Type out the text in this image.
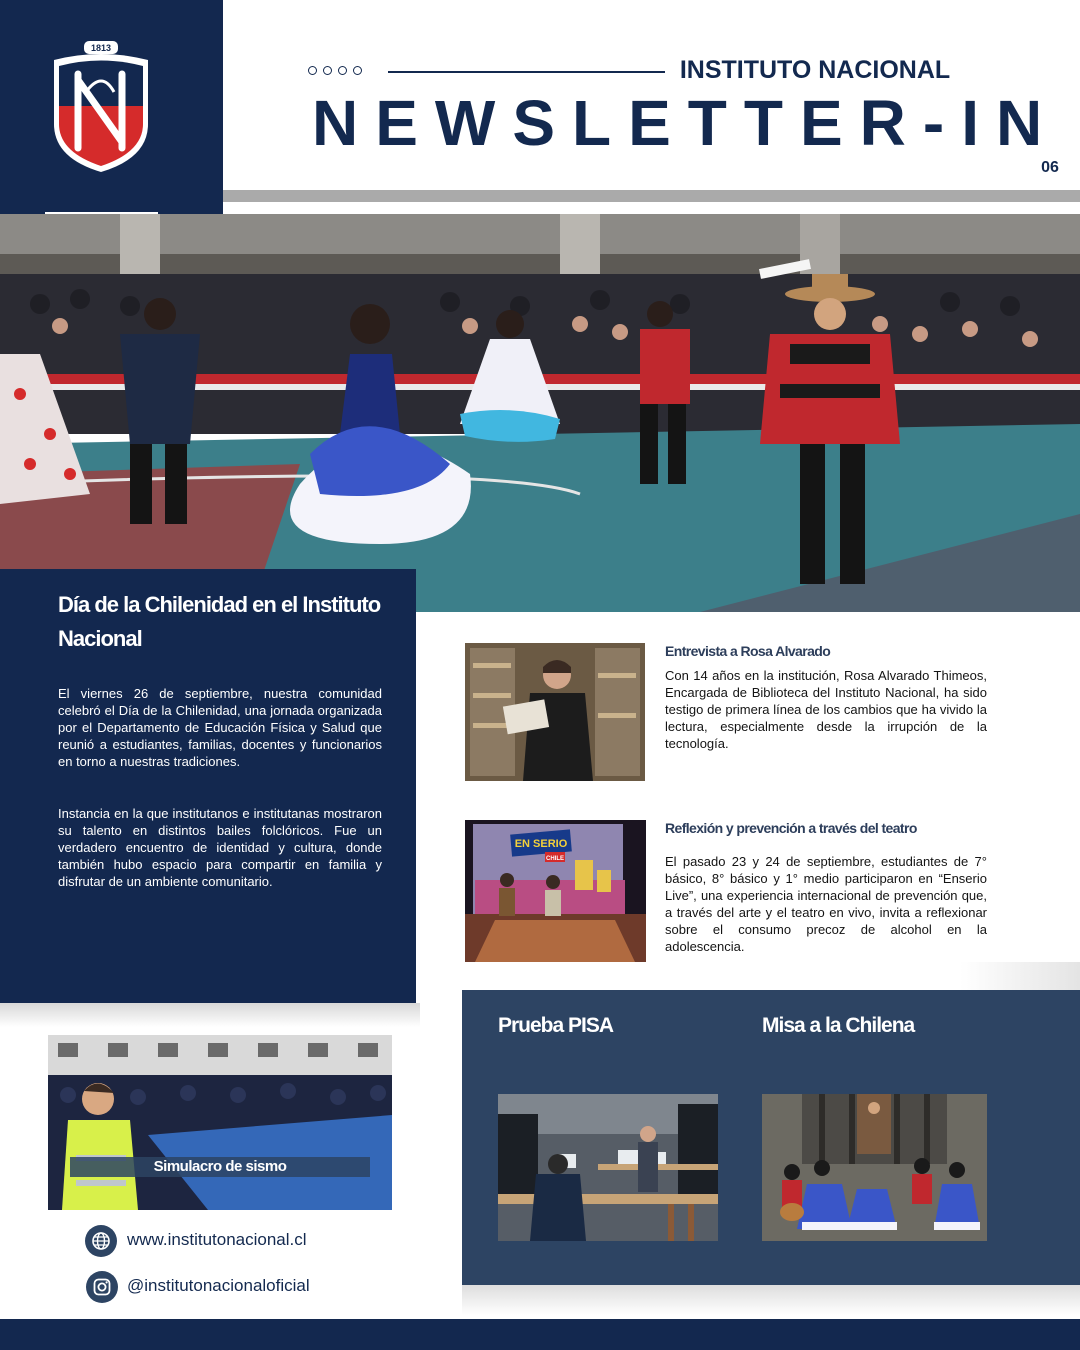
1813
INSTITUTO NACIONAL
NEWSLETTER-IN
06
Día de la Chilenidad en el Instituto Nacional
El viernes 26 de septiembre, nuestra comunidad celebró el Día de la Chilenidad, una jornada organizada por el Departamento de Educación Física y Salud que reunió a estudiantes, familias, docentes y funcionarios en torno a nuestras tradiciones.
Instancia en la que institutanos e institutanas mostraron su talento en distintos bailes folclóricos. Fue un verdadero encuentro de identidad y cultura, donde también hubo espacio para compartir en familia y disfrutar de un ambiente comunitario.
Entrevista a Rosa Alvarado
Con 14 años en la institución, Rosa Alvarado Thimeos, Encargada de Biblioteca del Instituto Nacional, ha sido testigo de primera línea de los cambios que ha vivido la lectura, especialmente desde la irrupción de la tecnología.
EN SERIO
CHILE
Reflexión y prevención a través del teatro
El pasado 23 y 24 de septiembre, estudiantes de 7° básico, 8° básico y 1° medio participaron en “Enserio Live”, una experiencia internacional de prevención que, a través del arte y el teatro en vivo, invita a reflexionar sobre el consumo precoz de alcohol en la adolescencia.
Prueba PISA	Misa a la Chilena
Simulacro de sismo
www.institutonacional.cl
@institutonacionaloficial
